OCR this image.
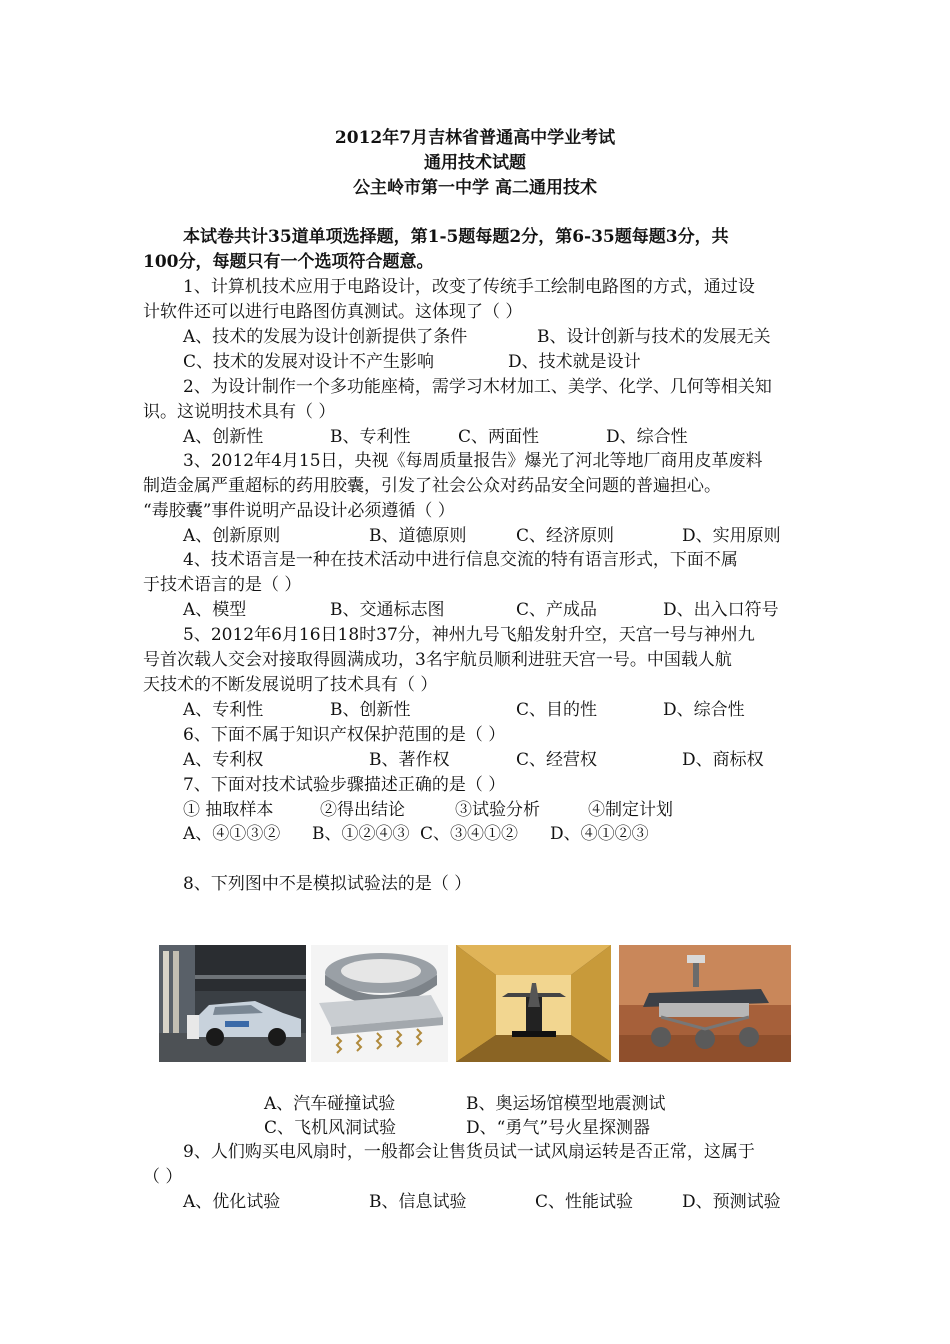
2012年7月吉林省普通高中学业考试
通用技术试题
公主岭市第一中学 高二通用技术
本试卷共计35道单项选择题，第1-5题每题2分，第6-35题每题3分，共
100分，每题只有一个选项符合题意。
1、计算机技术应用于电路设计，改变了传统手工绘制电路图的方式，通过设
计软件还可以进行电路图仿真测试。这体现了（ ）
A、技术的发展为设计创新提供了条件	B、设计创新与技术的发展无关
C、技术的发展对设计不产生影响	D、技术就是设计
2、为设计制作一个多功能座椅，需学习木材加工、美学、化学、几何等相关知
识。这说明技术具有（ ）
A、创新性	B、专利性	C、两面性	D、综合性
3、2012年4月15日，央视《每周质量报告》爆光了河北等地厂商用皮革废料
制造金属严重超标的药用胶囊，引发了社会公众对药品安全问题的普遍担心。
“毒胶囊”事件说明产品设计必须遵循（ ）
A、创新原则	B、道德原则	C、经济原则	D、实用原则
4、技术语言是一种在技术活动中进行信息交流的特有语言形式，下面不属
于技术语言的是（ ）
A、模型	B、交通标志图	C、产成品	D、出入口符号
5、2012年6月16日18时37分，神州九号飞船发射升空，天宫一号与神州九
号首次载人交会对接取得圆满成功，3名宇航员顺利进驻天宫一号。中国载人航
天技术的不断发展说明了技术具有（ ）
A、专利性	B、创新性	C、目的性	D、综合性
6、下面不属于知识产权保护范围的是（ ）
A、专利权	B、著作权	C、经营权	D、商标权
7、下面对技术试验步骤描述正确的是（ ）
① 抽取样本	②得出结论	③试验分析	④制定计划
A、④①③② B、①②④③ C、③④①② D、④①②③
8、下列图中不是模拟试验法的是（ ）
A、汽车碰撞试验	B、奥运场馆模型地震测试
C、飞机风洞试验	D、“勇气”号火星探测器
9、人们购买电风扇时，一般都会让售货员试一试风扇运转是否正常，这属于
（ ）
A、优化试验	B、信息试验	C、性能试验	D、预测试验
